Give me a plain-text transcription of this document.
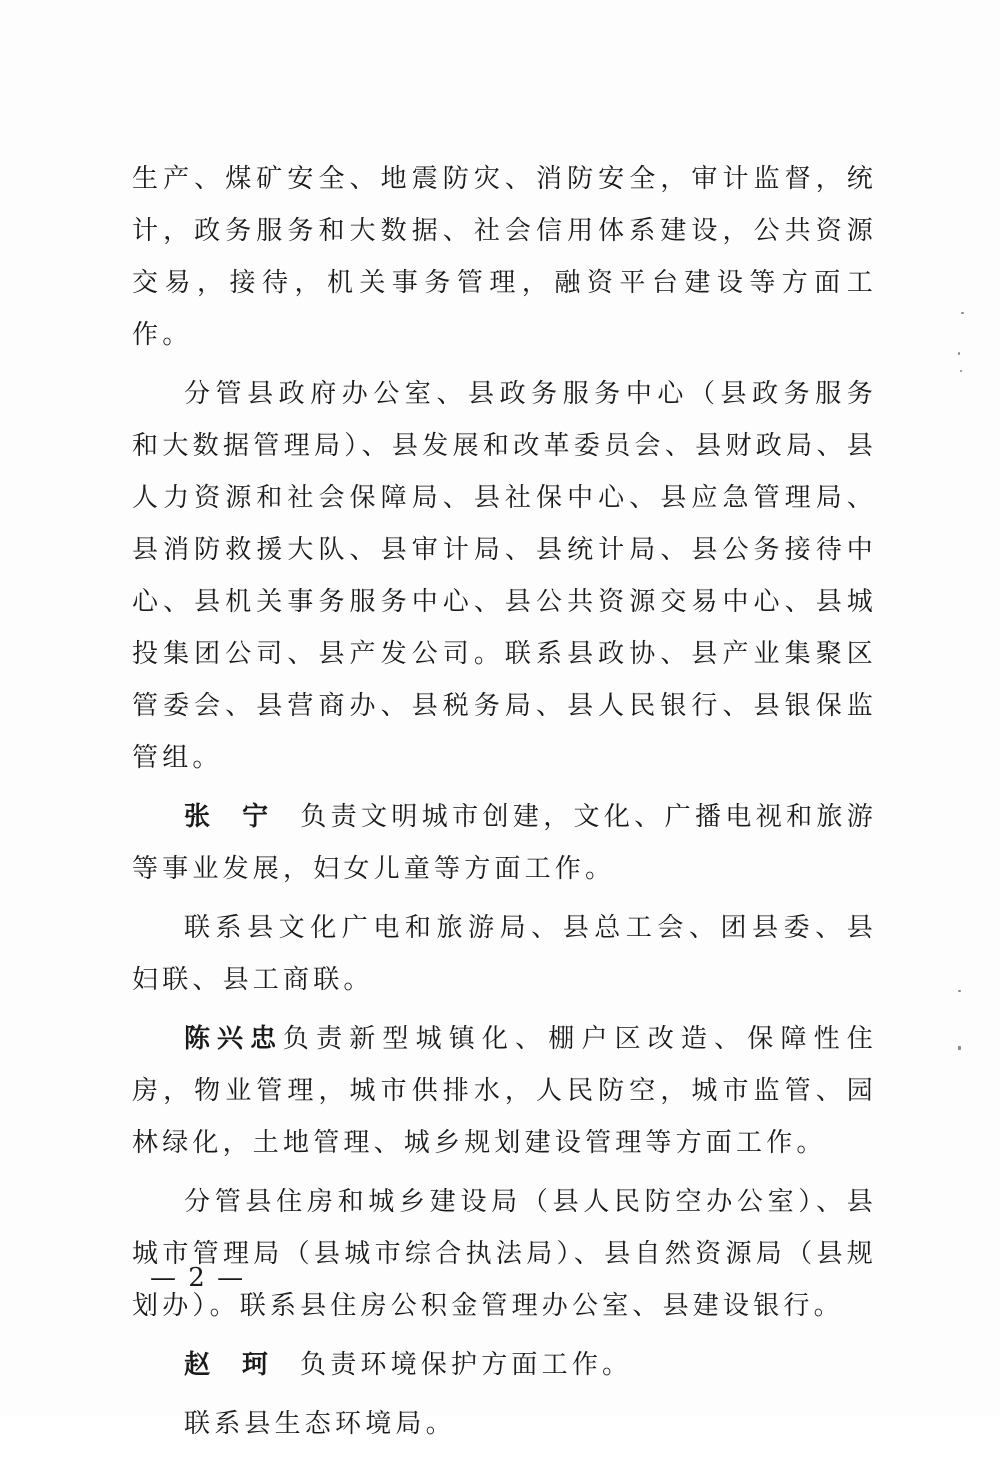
生产、煤矿安全、地震防灾、消防安全，审计监督，统计，政务服务和大数据、社会信用体系建设，公共资源交易，接待，机关事务管理，融资平台建设等方面工作。

分管县政府办公室、县政务服务中心（县政务服务和大数据管理局）、县发展和改革委员会、县财政局、县人力资源和社会保障局、县社保中心、县应急管理局、县消防救援大队、县审计局、县统计局、县公务接待中心、县机关事务服务中心、县公共资源交易中心、县城投集团公司、县产发公司。联系县政协、县产业集聚区管委会、县营商办、县税务局、县人民银行、县银保监管组。

张宁负责文明城市创建，文化、广播电视和旅游等事业发展，妇女儿童等方面工作。

联系县文化广电和旅游局、县总工会、团县委、县妇联、县工商联。

陈兴忠负责新型城镇化、棚户区改造、保障性住房，物业管理，城市供排水，人民防空，城市监管、园林绿化，土地管理、城乡规划建设管理等方面工作。

分管县住房和城乡建设局（县人民防空办公室）、县城市管理局（县城市综合执法局）、县自然资源局（县规划办）。联系县住房公积金管理办公室、县建设银行。

赵珂负责环境保护方面工作。

联系县生态环境局。

— 2 —
